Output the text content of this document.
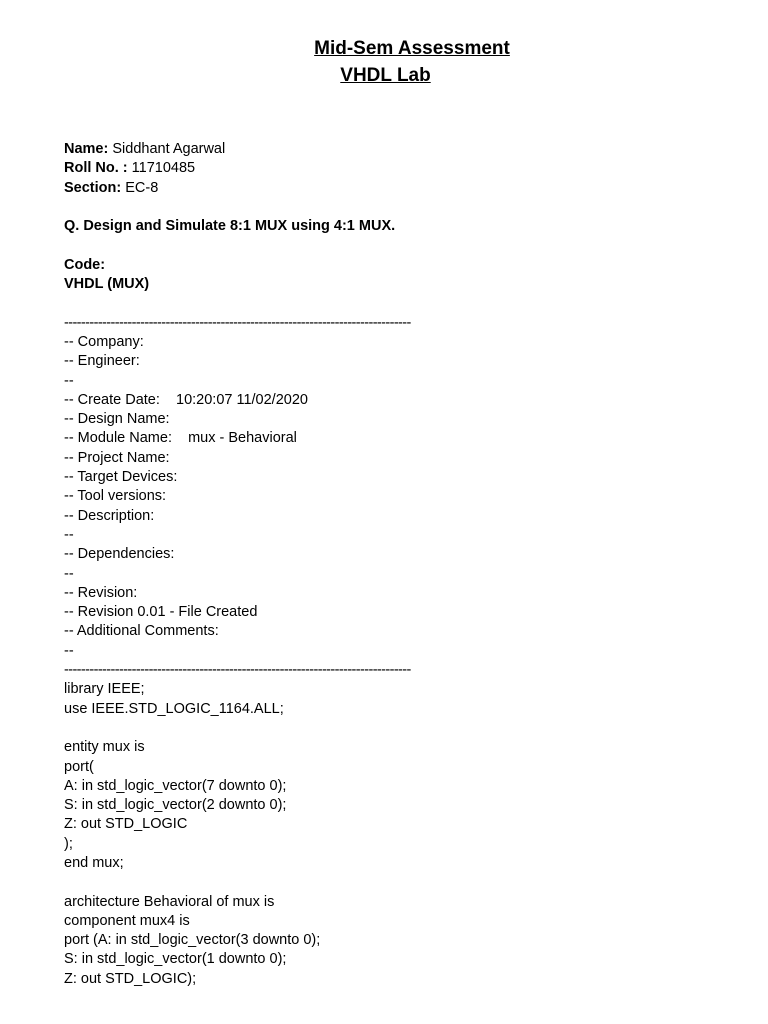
Mid-Sem Assessment
VHDL Lab
Name: Siddhant Agarwal
Roll No. : 11710485
Section: EC-8
Q. Design and Simulate 8:1 MUX using 4:1 MUX.
Code:
VHDL (MUX)
----------------------------------------------------------------------------------
-- Company:
-- Engineer:
--
-- Create Date:    10:20:07 11/02/2020
-- Design Name:
-- Module Name:    mux - Behavioral
-- Project Name:
-- Target Devices:
-- Tool versions:
-- Description:
--
-- Dependencies:
--
-- Revision:
-- Revision 0.01 - File Created
-- Additional Comments:
--
----------------------------------------------------------------------------------
library IEEE;
use IEEE.STD_LOGIC_1164.ALL;
entity mux is
port(
A: in std_logic_vector(7 downto 0);
S: in std_logic_vector(2 downto 0);
Z: out STD_LOGIC
);
end mux;
architecture Behavioral of mux is
component mux4 is
port (A: in std_logic_vector(3 downto 0);
S: in std_logic_vector(1 downto 0);
Z: out STD_LOGIC);
